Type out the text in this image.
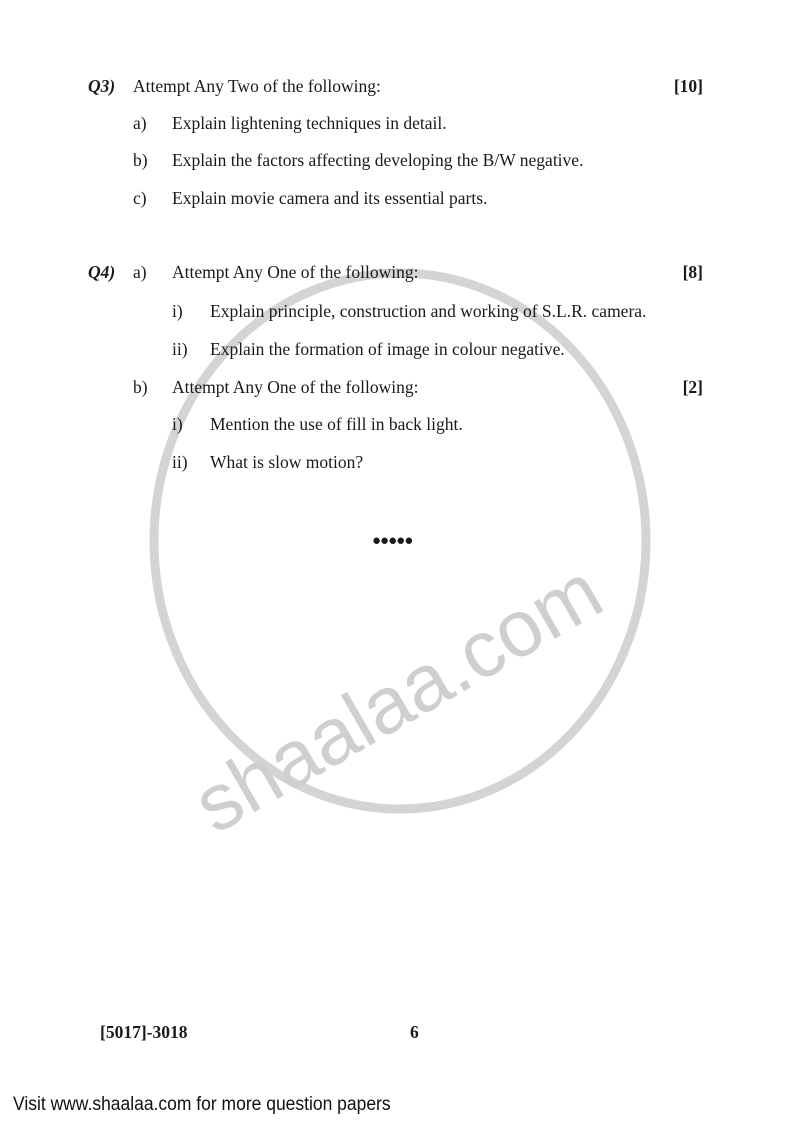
shaalaa.com
Q3) Attempt Any Two of the following:	[10]
a) Explain lightening techniques in detail.
b) Explain the factors affecting developing the B/W negative.
c) Explain movie camera and its essential parts.
Q4) a) Attempt Any One of the following:	[8]
i) Explain principle, construction and working of S.L.R. camera.
ii) Explain the formation of image in colour negative.
b) Attempt Any One of the following:	[2]
i) Mention the use of fill in back light.
ii) What is slow motion?
●●●●●
[5017]-3018	6
Visit www.shaalaa.com for more question papers
